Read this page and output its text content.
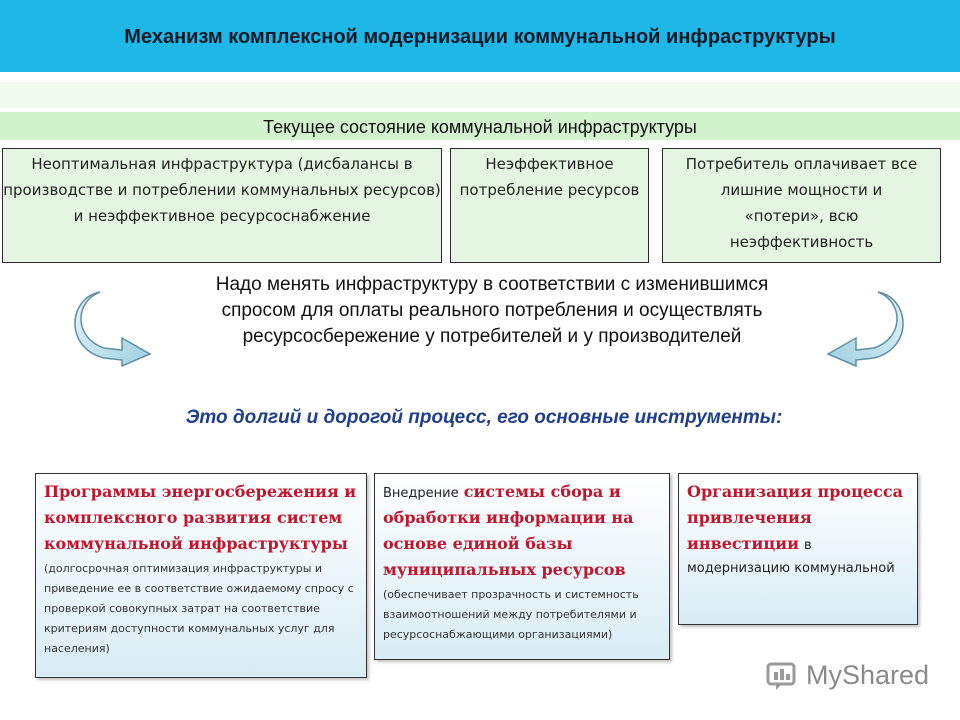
Механизм комплексной модернизации коммунальной инфраструктуры
Текущее состояние коммунальной инфраструктуры
Неоптимальная инфраструктура (дисбалансы в производстве и потреблении коммунальных ресурсов) и неэффективное ресурсоснабжение
Неэффективное потребление ресурсов
Потребитель оплачивает все лишние мощности и «потери», всю неэффективность
Надо менять инфраструктуру в соответствии с изменившимся спросом для оплаты реального потребления и осуществлять ресурсосбережение у потребителей и у производителей
Это долгий и дорогой процесс, его основные инструменты:
Программы энергосбережения и комплексного развития систем коммунальной инфраструктуры (долгосрочная оптимизация инфраструктуры и приведение ее в соответствие ожидаемому спросу с проверкой совокупных затрат на соответствие критериям доступности коммунальных услуг для населения)
Внедрение системы сбора и обработки информации на основе единой базы муниципальных ресурсов
(обеспечивает прозрачность и системность взаимоотношений между потребителями и ресурсоснабжающими организациями)
Организация процесса привлечения инвестиции в
модернизацию коммунальной
MyShared
